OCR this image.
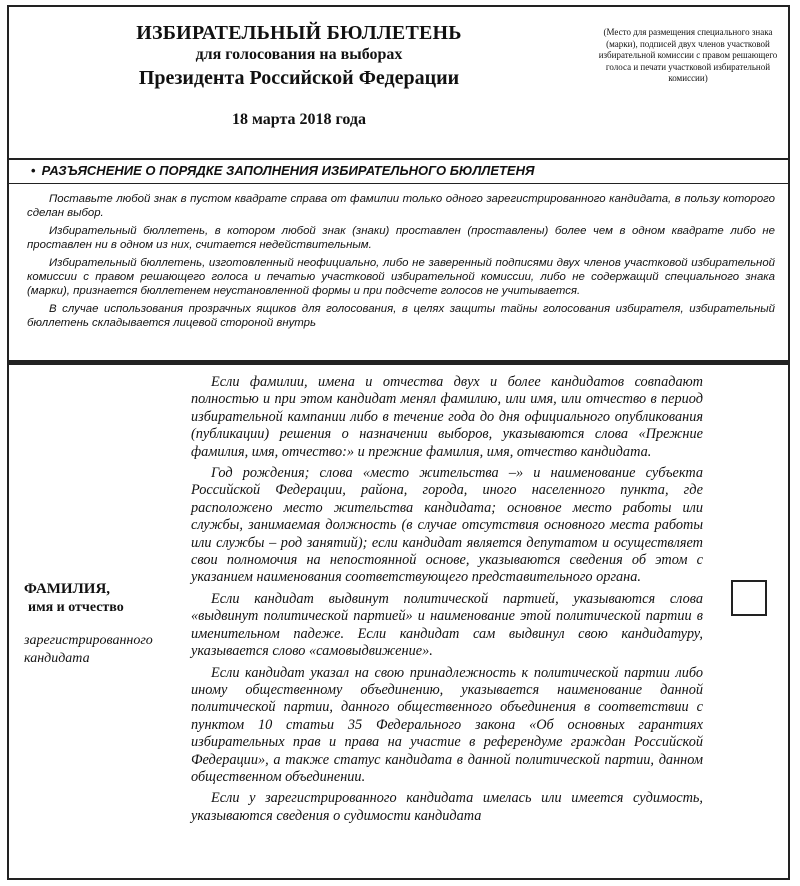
ИЗБИРАТЕЛЬНЫЙ БЮЛЛЕТЕНЬ
для голосования на выборах
Президента Российской Федерации
18 марта 2018 года
(Место для размещения специального знака (марки), подписей двух членов участковой избирательной комиссии с правом решающего голоса и печати участковой избирательной комиссии)
• РАЗЪЯСНЕНИЕ О ПОРЯДКЕ ЗАПОЛНЕНИЯ ИЗБИРАТЕЛЬНОГО БЮЛЛЕТЕНЯ

Поставьте любой знак в пустом квадрате справа от фамилии только одного зарегистрированного кандидата, в пользу которого сделан выбор.

Избирательный бюллетень, в котором любой знак (знаки) проставлен (проставлены) более чем в одном квадрате либо не проставлен ни в одном из них, считается недействительным.

Избирательный бюллетень, изготовленный неофициально, либо не заверенный подписями двух членов участковой избирательной комиссии с правом решающего голоса и печатью участковой избирательной комиссии, либо не содержащий специального знака (марки), признается бюллетенем неустановленной формы и при подсчете голосов не учитывается.

В случае использования прозрачных ящиков для голосования, в целях защиты тайны голосования избирателя, избирательный бюллетень складывается лицевой стороной внутрь

ФАМИЛИЯ,
имя и отчество
зарегистрированного кандидата

Если фамилии, имена и отчества двух и более кандидатов совпадают полностью и при этом кандидат менял фамилию, или имя, или отчество в период избирательной кампании либо в течение года до дня официального опубликования (публикации) решения о назначении выборов, указываются слова «Прежние фамилия, имя, отчество:» и прежние фамилия, имя, отчество кандидата.

Год рождения; слова «место жительства –» и наименование субъекта Российской Федерации, района, города, иного населенного пункта, где расположено место жительства кандидата; основное место работы или службы, занимаемая должность (в случае отсутствия основного места работы или службы – род занятий); если кандидат является депутатом и осуществляет свои полномочия на непостоянной основе, указываются сведения об этом с указанием наименования соответствующего представительного органа.

Если кандидат выдвинут политической партией, указываются слова «выдвинут политической партией» и наименование этой политической партии в именительном падеже. Если кандидат сам выдвинул свою кандидатуру, указывается слово «самовыдвижение».

Если кандидат указал на свою принадлежность к политической партии либо иному общественному объединению, указывается наименование данной политической партии, данного общественного объединения в соответствии с пунктом 10 статьи 35 Федерального закона «Об основных гарантиях избирательных прав и права на участие в референдуме граждан Российской Федерации», а также статус кандидата в данной политической партии, данном общественном объединении.

Если у зарегистрированного кандидата имелась или имеется судимость, указываются сведения о судимости кандидата
